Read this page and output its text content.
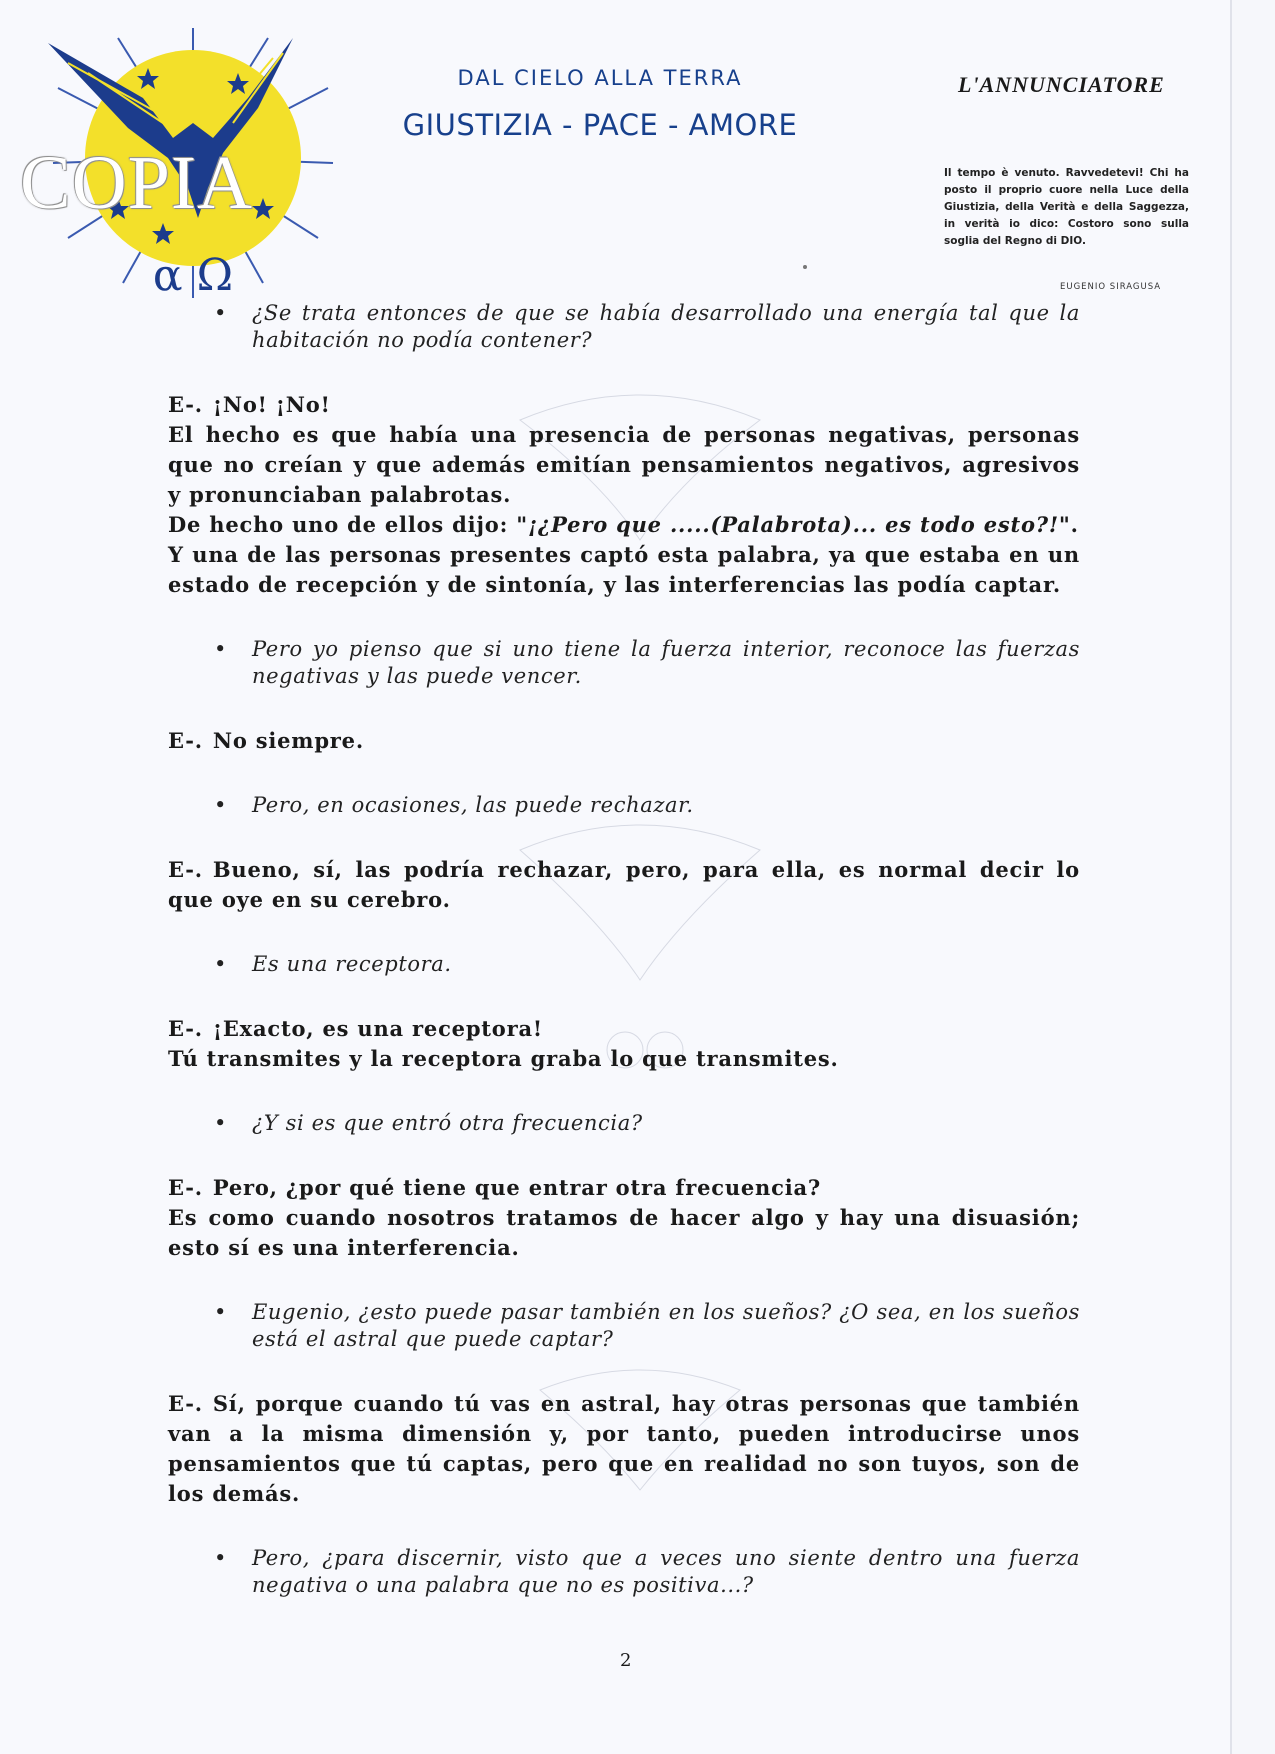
α Ω
COPIA
DAL CIELO ALLA TERRA
GIUSTIZIA - PACE - AMORE
L'ANNUNCIATORE
Il tempo è venuto. Ravvedetevi! Chi ha posto il proprio cuore nella Luce della Giustizia, della Verità e della Saggezza, in verità io dico: Costoro sono sulla soglia del Regno di DIO.
EUGENIO SIRAGUSA
• ¿Se trata entonces de que se había desarrollado una energía tal que la habitación no podía contener?

E-. ¡No! ¡No!

El hecho es que había una presencia de personas negativas, personas que no creían y que además emitían pensamientos negativos, agresivos y pronunciaban palabrotas.

De hecho uno de ellos dijo: "¡¿Pero que .....(Palabrota)... es todo esto?!".

Y una de las personas presentes captó esta palabra, ya que estaba en un estado de recepción y de sintonía, y las interferencias las podía captar.

• Pero yo pienso que si uno tiene la fuerza interior, reconoce las fuerzas negativas y las puede vencer.

E-. No siempre.

• Pero, en ocasiones, las puede rechazar.

E-. Bueno, sí, las podría rechazar, pero, para ella, es normal decir lo que oye en su cerebro.

• Es una receptora.

E-. ¡Exacto, es una receptora!

Tú transmites y la receptora graba lo que transmites.

• ¿Y si es que entró otra frecuencia?

E-. Pero, ¿por qué tiene que entrar otra frecuencia?

Es como cuando nosotros tratamos de hacer algo y hay una disuasión; esto sí es una interferencia.

• Eugenio, ¿esto puede pasar también en los sueños? ¿O sea, en los sueños está el astral que puede captar?

E-. Sí, porque cuando tú vas en astral, hay otras personas que también van a la misma dimensión y, por tanto, pueden introducirse unos pensamientos que tú captas, pero que en realidad no son tuyos, son de los demás.

• Pero, ¿para discernir, visto que a veces uno siente dentro una fuerza negativa o una palabra que no es positiva...?
2
